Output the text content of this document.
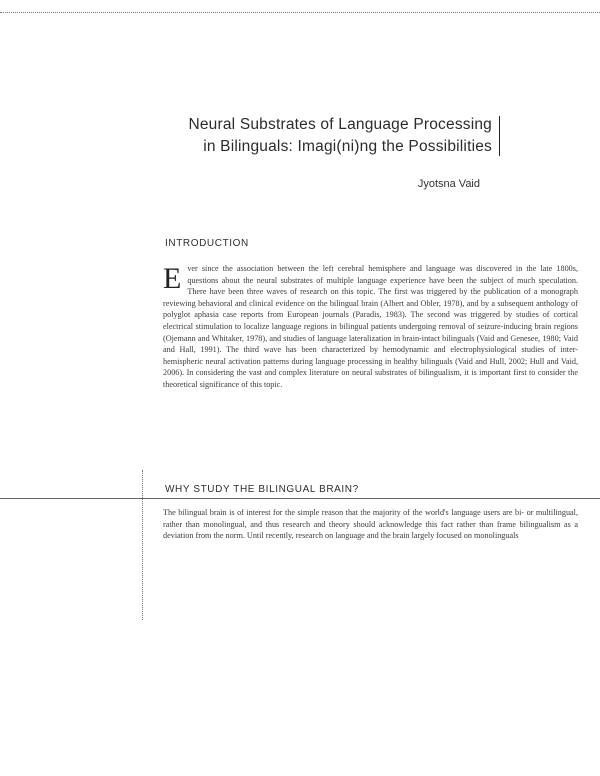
Neural Substrates of Language Processing
in Bilinguals: Imagi(ni)ng the Possibilities
Jyotsna Vaid
INTRODUCTION
Ever since the association between the left cerebral hemisphere and language was discovered in the late 1800s, questions about the neural substrates of multiple language experience have been the subject of much speculation. There have been three waves of research on this topic. The first was triggered by the publication of a monograph reviewing behavioral and clinical evidence on the bilingual brain (Albert and Obler, 1978), and by a subsequent anthology of polyglot aphasia case reports from European journals (Paradis, 1983). The second was triggered by studies of cortical electrical stimulation to localize language regions in bilingual patients undergoing removal of seizure-inducing brain regions (Ojemann and Whitaker, 1978), and studies of language lateralization in brain-intact bilinguals (Vaid and Genesee, 1980; Vaid and Hall, 1991). The third wave has been characterized by hemodynamic and electrophysiological studies of inter-hemispheric neural activation patterns during language processing in healthy bilinguals (Vaid and Hull, 2002; Hull and Vaid, 2006). In considering the vast and complex literature on neural substrates of bilingualism, it is important first to consider the theoretical significance of this topic.
WHY STUDY THE BILINGUAL BRAIN?
The bilingual brain is of interest for the simple reason that the majority of the world's language users are bi- or multilingual, rather than monolingual, and thus research and theory should acknowledge this fact rather than frame bilingualism as a deviation from the norm. Until recently, research on language and the brain largely focused on monolinguals
